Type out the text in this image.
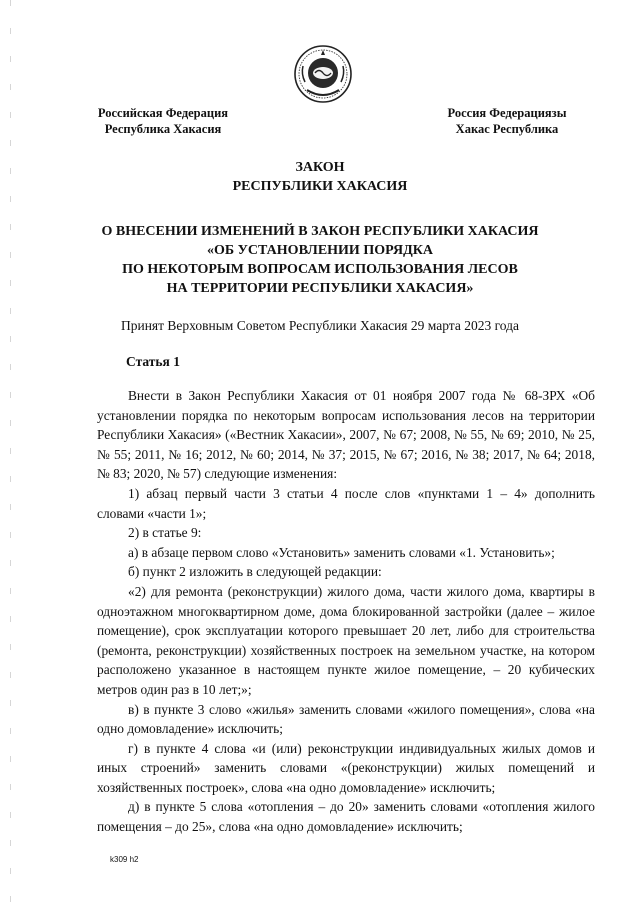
Российская Федерация
Республика Хакасия
Россия Федерациязы
Хакас Республика
ЗАКОН
РЕСПУБЛИКИ ХАКАСИЯ
О ВНЕСЕНИИ ИЗМЕНЕНИЙ В ЗАКОН РЕСПУБЛИКИ ХАКАСИЯ
«ОБ УСТАНОВЛЕНИИ ПОРЯДКА
ПО НЕКОТОРЫМ ВОПРОСАМ ИСПОЛЬЗОВАНИЯ ЛЕСОВ
НА ТЕРРИТОРИИ РЕСПУБЛИКИ ХАКАСИЯ»
Принят Верховным Советом Республики Хакасия 29 марта 2023 года
Статья 1

Внести в Закон Республики Хакасия от 01 ноября 2007 года № 68-ЗРХ «Об установлении порядка по некоторым вопросам использования лесов на территории Республики Хакасия» («Вестник Хакасии», 2007, № 67; 2008, № 55, № 69; 2010, № 25, № 55; 2011, № 16; 2012, № 60; 2014, № 37; 2015, № 67; 2016, № 38; 2017, № 64; 2018, № 83; 2020, № 57) следующие изменения:

1) абзац первый части 3 статьи 4 после слов «пунктами 1 – 4» дополнить словами «части 1»;

2) в статье 9:

а) в абзаце первом слово «Установить» заменить словами «1. Установить»;

б) пункт 2 изложить в следующей редакции:

«2) для ремонта (реконструкции) жилого дома, части жилого дома, квартиры в одноэтажном многоквартирном доме, дома блокированной застройки (далее – жилое помещение), срок эксплуатации которого превышает 20 лет, либо для строительства (ремонта, реконструкции) хозяйственных построек на земельном участке, на котором расположено указанное в настоящем пункте жилое помещение, – 20 кубических метров один раз в 10 лет;»;

в) в пункте 3 слово «жилья» заменить словами «жилого помещения», слова «на одно домовладение» исключить;

г) в пункте 4 слова «и (или) реконструкции индивидуальных жилых домов и иных строений» заменить словами «(реконструкции) жилых помещений и хозяйственных построек», слова «на одно домовладение» исключить;

д) в пункте 5 слова «отопления – до 20» заменить словами «отопления жилого помещения – до 25», слова «на одно домовладение» исключить;

k309 h2
